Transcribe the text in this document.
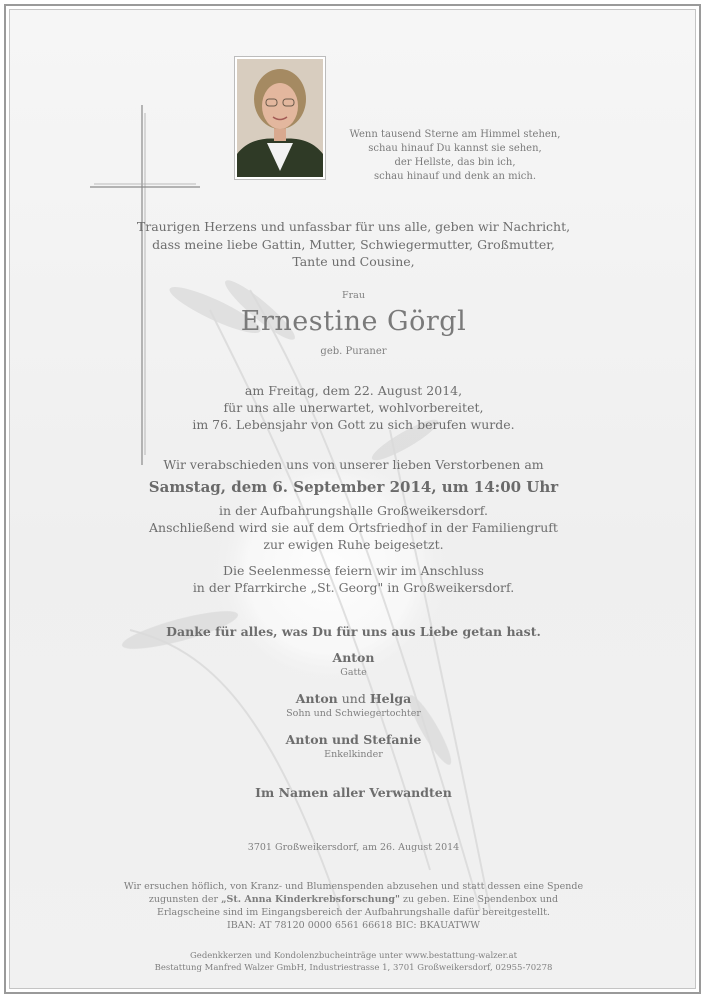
Wenn tausend Sterne am Himmel stehen,
schau hinauf Du kannst sie sehen,
der Hellste, das bin ich,
schau hinauf und denk an mich.
Traurigen Herzens und unfassbar für uns alle, geben wir Nachricht,
dass meine liebe Gattin, Mutter, Schwiegermutter, Großmutter,
Tante und Cousine,
Frau
Ernestine Görgl
geb. Puraner
am Freitag, dem 22. August 2014,
für uns alle unerwartet, wohlvorbereitet,
im 76. Lebensjahr von Gott zu sich berufen wurde.
Wir verabschieden uns von unserer lieben Verstorbenen am
Samstag, dem 6. September 2014, um 14:00 Uhr
in der Aufbahrungshalle Großweikersdorf.
Anschließend wird sie auf dem Ortsfriedhof in der Familiengruft
zur ewigen Ruhe beigesetzt.
Die Seelenmesse feiern wir im Anschluss
in der Pfarrkirche „St. Georg" in Großweikersdorf.
Danke für alles, was Du für uns aus Liebe getan hast.
Anton
Gatte
Anton und Helga
Sohn und Schwiegertochter
Anton und Stefanie
Enkelkinder
Im Namen aller Verwandten
3701 Großweikersdorf, am 26. August 2014
Wir ersuchen höflich, von Kranz- und Blumenspenden abzusehen und statt dessen eine Spende
zugunsten der „St. Anna Kinderkrebsforschung" zu geben. Eine Spendenbox und
Erlagscheine sind im Eingangsbereich der Aufbahrungshalle dafür bereitgestellt.
IBAN: AT 78120 0000 6561 66618 BIC: BKAUATWW
Gedenkkerzen und Kondolenzbucheinträge unter www.bestattung-walzer.at
Bestattung Manfred Walzer GmbH, Industriestrasse 1, 3701 Großweikersdorf, 02955-70278
